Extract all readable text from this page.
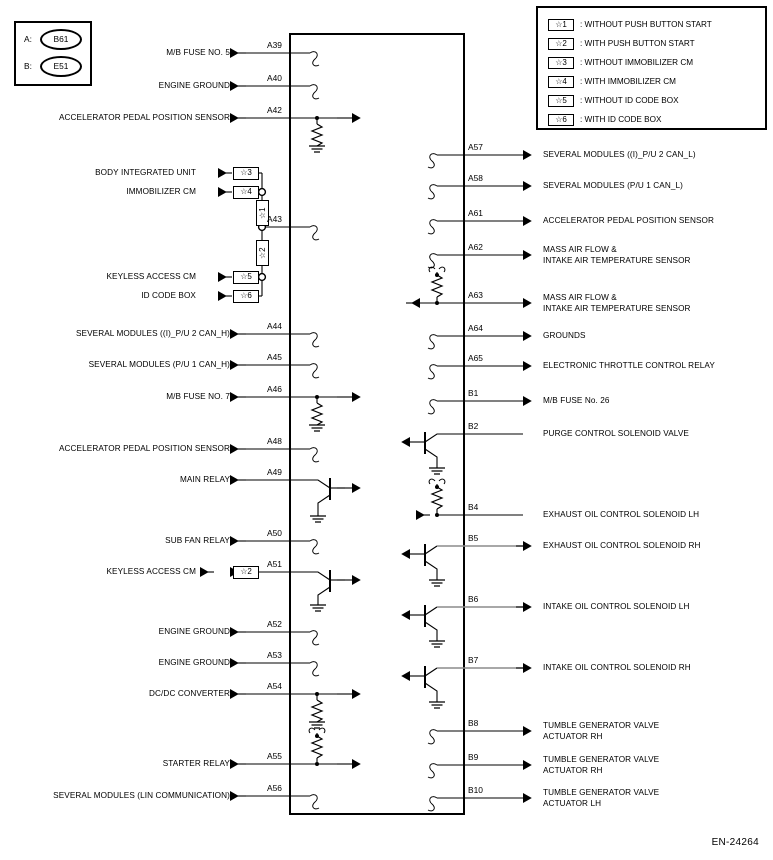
A:	B61
B:	E51
☆1	: WITHOUT PUSH BUTTON START
☆2	: WITH PUSH BUTTON START
☆3	: WITHOUT IMMOBILIZER CM
☆4	: WITH IMMOBILIZER CM
☆5	: WITHOUT ID CODE BOX
☆6	: WITH ID CODE BOX
M/B FUSE NO. 5
ENGINE GROUND
ACCELERATOR PEDAL POSITION SENSOR
SEVERAL MODULES ((I)_P/U 2 CAN_H)
SEVERAL MODULES (P/U 1 CAN_H)
M/B FUSE NO. 7
ACCELERATOR PEDAL POSITION SENSOR
MAIN RELAY
SUB FAN RELAY
KEYLESS ACCESS CM
ENGINE GROUND
ENGINE GROUND
DC/DC CONVERTER
STARTER RELAY
SEVERAL MODULES (LIN COMMUNICATION)
BODY INTEGRATED UNIT
IMMOBILIZER CM
KEYLESS ACCESS CM
ID CODE BOX
☆3
☆4
☆5
☆6
☆1
☆2
☆2
A39
A40
A42
A43
A44
A45
A46
A48
A49
A50
A51
A52
A53
A54
A55
A56
A57
A58
A61
A62
A63
A64
A65
B1
B2
B4
B5
B6
B7
B8
B9
B10
SEVERAL MODULES ((I)_P/U 2 CAN_L)
SEVERAL MODULES (P/U 1 CAN_L)
ACCELERATOR PEDAL POSITION SENSOR
MASS AIR FLOW &
INTAKE AIR TEMPERATURE SENSOR
MASS AIR FLOW &
INTAKE AIR TEMPERATURE SENSOR
GROUNDS
ELECTRONIC THROTTLE CONTROL RELAY
M/B FUSE No. 26
PURGE CONTROL SOLENOID VALVE
EXHAUST OIL CONTROL SOLENOID LH
EXHAUST OIL CONTROL SOLENOID RH
INTAKE OIL CONTROL SOLENOID LH
INTAKE OIL CONTROL SOLENOID RH
TUMBLE GENERATOR VALVE
ACTUATOR RH
TUMBLE GENERATOR VALVE
ACTUATOR RH
TUMBLE GENERATOR VALVE
ACTUATOR LH
EN-24264
